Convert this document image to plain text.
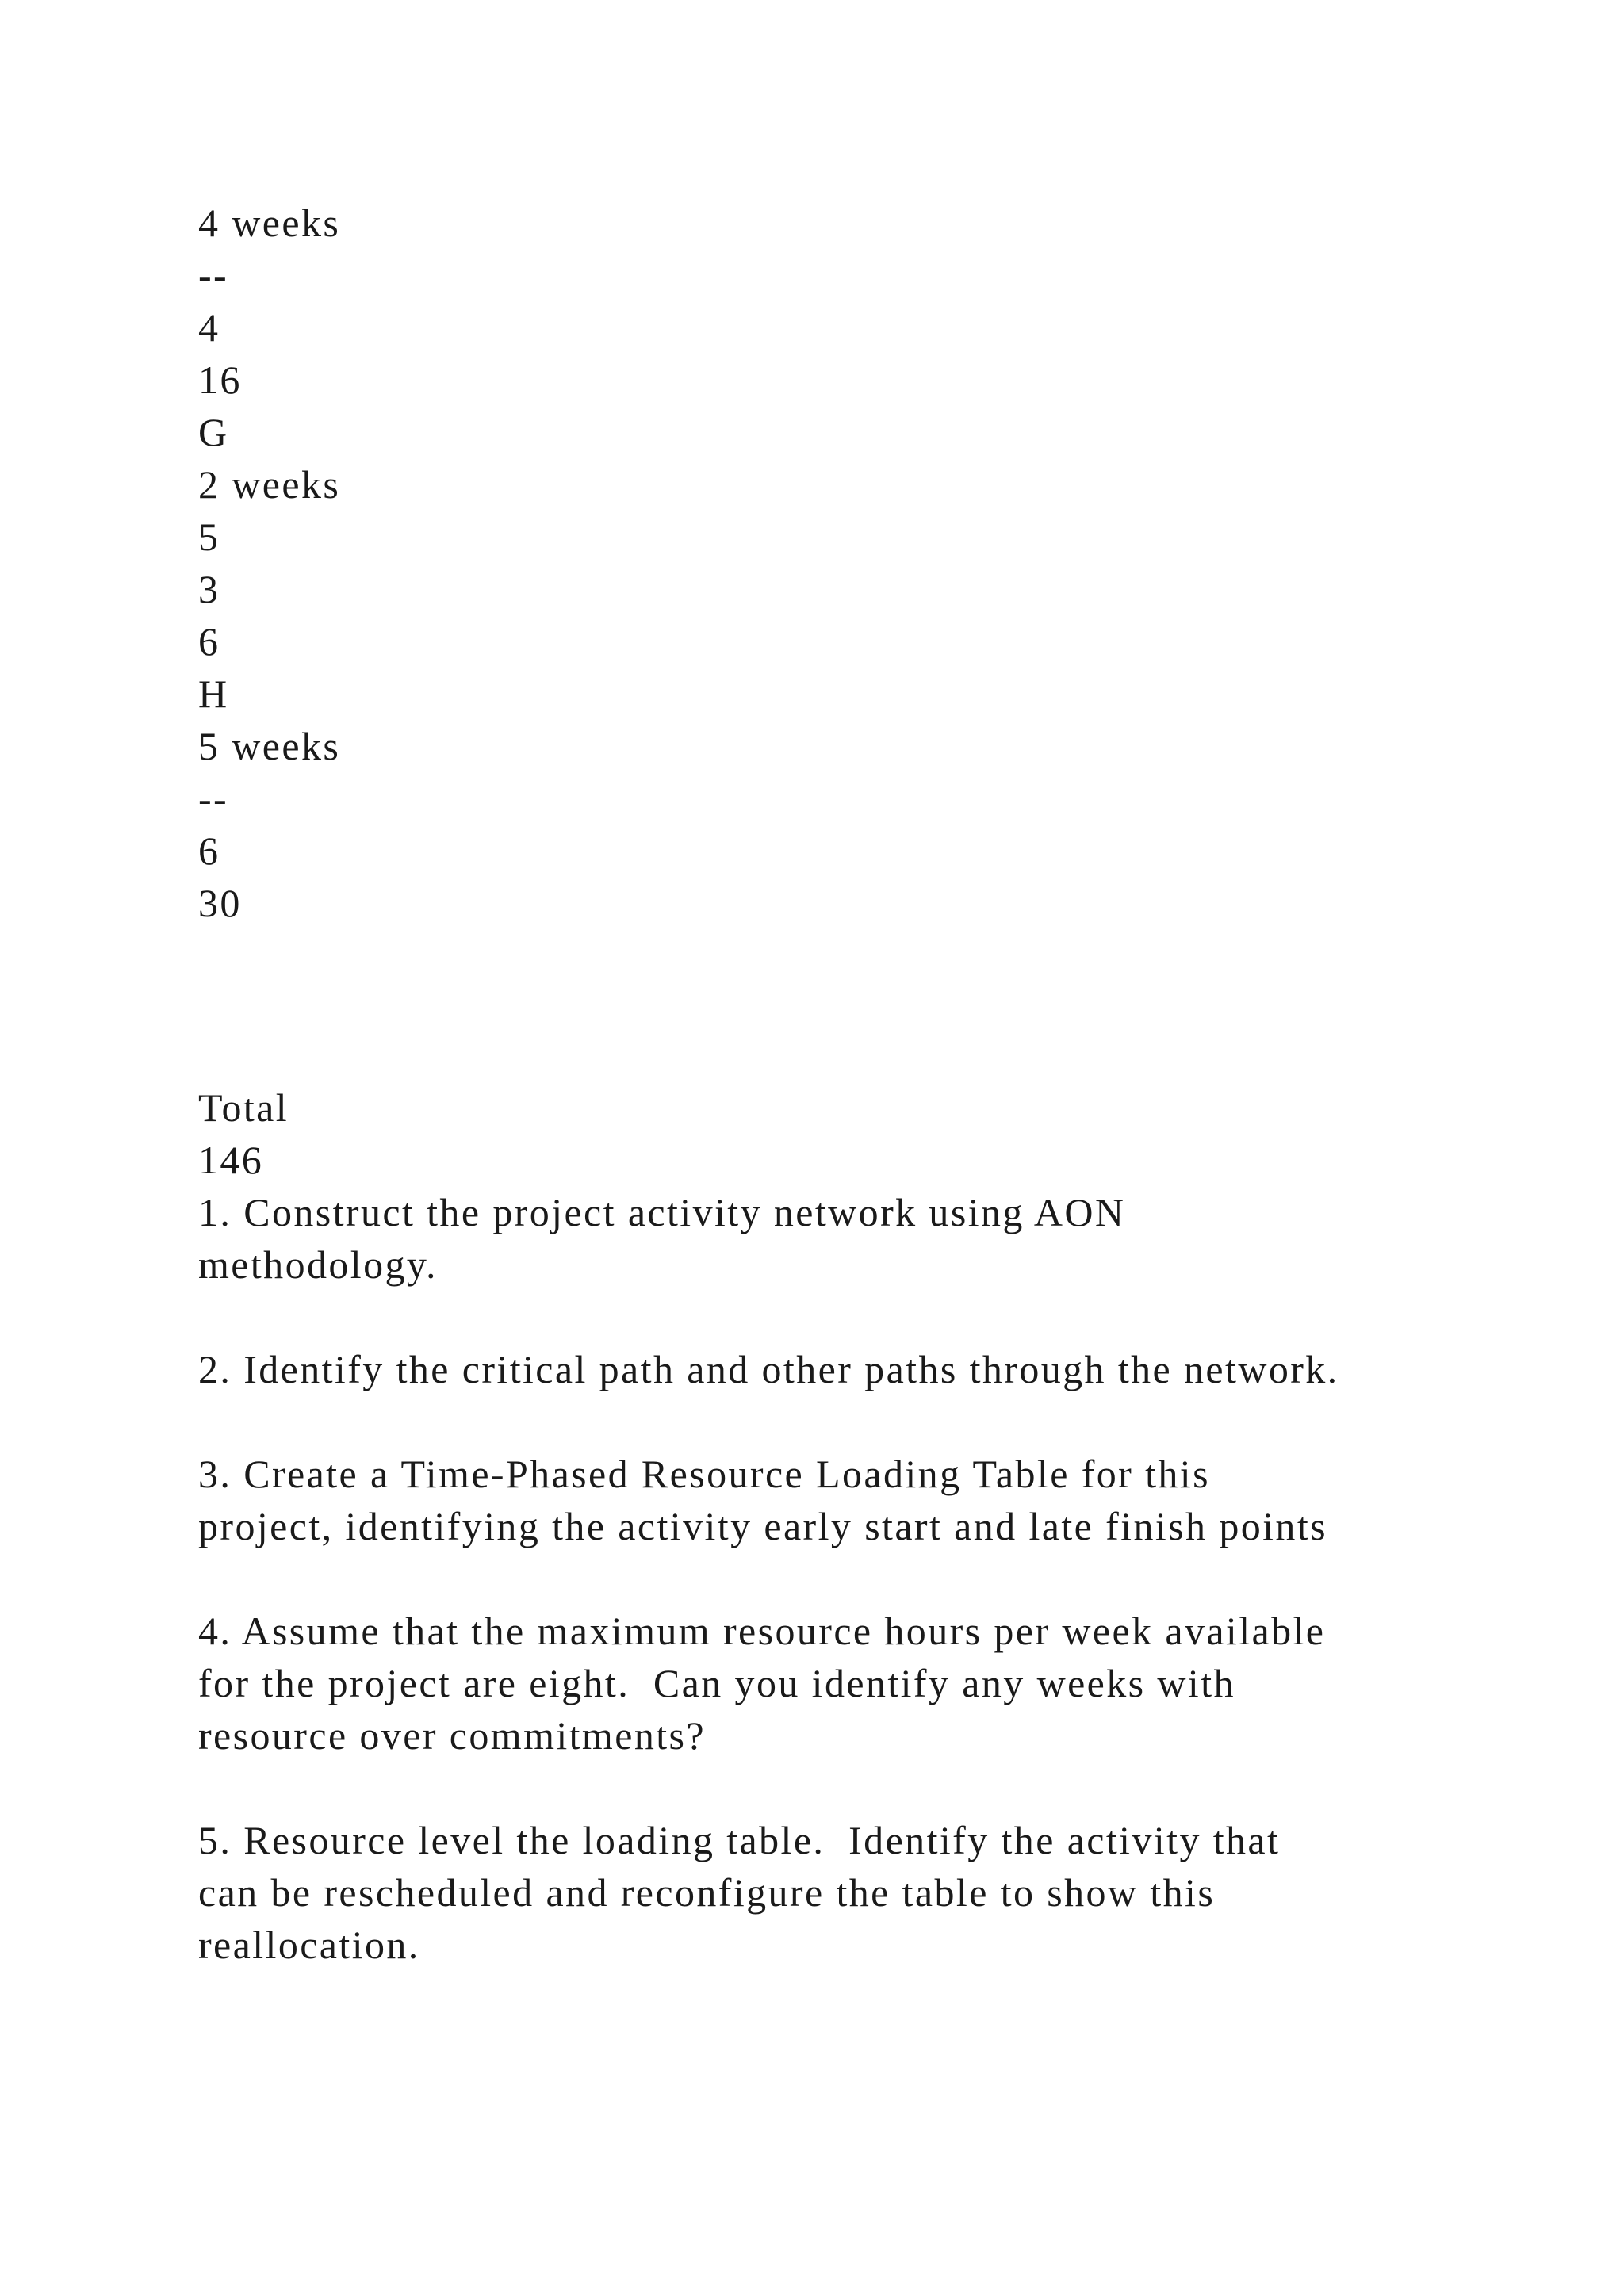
4 weeks
--
4
16
G
2 weeks
5
3
6
H
5 weeks
--
6
30
Total
146
1. Construct the project activity network using AON
methodology.
2. Identify the critical path and other paths through the network.
3. Create a Time-Phased Resource Loading Table for this
project, identifying the activity early start and late finish points
4. Assume that the maximum resource hours per week available
for the project are eight.  Can you identify any weeks with
resource over commitments?
5. Resource level the loading table.  Identify the activity that
can be rescheduled and reconfigure the table to show this
reallocation.
